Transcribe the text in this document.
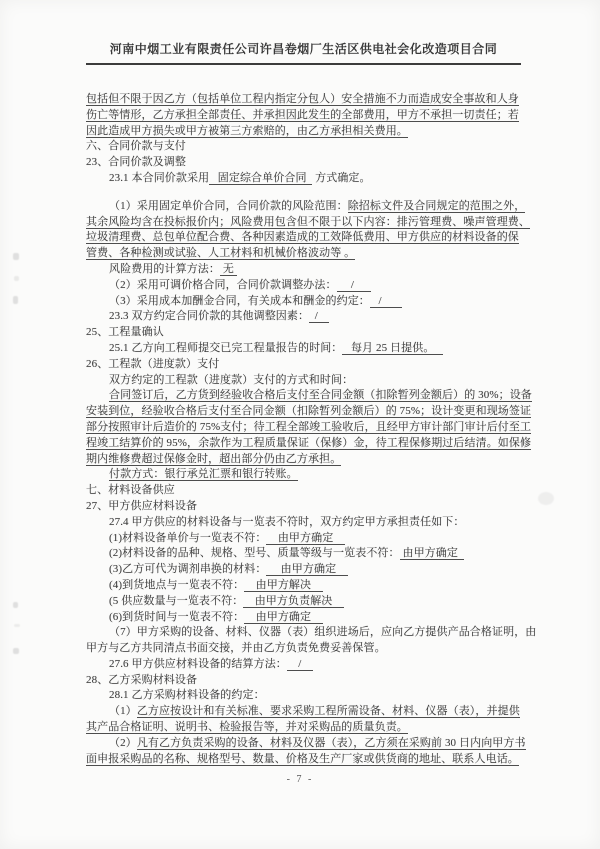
河南中烟工业有限责任公司许昌卷烟厂生活区供电社会化改造项目合同
包括但不限于因乙方（包括单位工程内指定分包人）安全措施不力而造成安全事故和人身
伤亡等情形，乙方承担全部责任、并承担因此发生的全部费用，甲方不承担一切责任；若
因此造成甲方损失或甲方被第三方索赔的，由乙方承担相关费用。
六、合同价款与支付
23、合同价款及调整
23.1 本合同价款采用   固定综合单价合同   方式确定。
（1）采用固定单价合同，合同价款的风险范围：除招标文件及合同规定的范围之外，
其余风险均含在投标报价内；风险费用包含但不限于以下内容：排污管理费、噪声管理费、
垃圾清理费、总包单位配合费、各种因素造成的工效降低费用、甲方供应的材料设备的保
管费、各种检测或试验、人工材料和机械价格波动等 。
风险费用的计算方法： 无
（2）采用可调价格合同，合同价款调整办法：     /
（3）采用成本加酬金合同，有关成本和酬金的约定：   /
23.3 双方约定合同价款的其他调整因素：  /
25、工程量确认
25.1 乙方向工程师提交已完工程量报告的时间：   每月 25 日提供。
26、工程款（进度款）支付
双方约定的工程款（进度款）支付的方式和时间：
合同签订后，乙方货到经验收合格后支付至合同金额（扣除暂列金额后）的 30%；设备
安装到位，经验收合格后支付至合同金额（扣除暂列金额后）的 75%；设计变更和现场签证
部分按照审计后造价的 75%支付；待工程全部竣工验收后，且经甲方审计部门审计后付至工
程竣工结算价的 95%，余款作为工程质量保证（保修）金，待工程保修期过后结清。如保修
期内维修费超过保修金时，超出部分仍由乙方承担。
付款方式：银行承兑汇票和银行转账。
七、材料设备供应
27、甲方供应材料设备
27.4 甲方供应的材料设备与一览表不符时，双方约定甲方承担责任如下：
(1)材料设备单价与一览表不符：    由甲方确定
(2)材料设备的品种、规格、型号、质量等级与一览表不符： 由甲方确定
(3)乙方可代为调剂串换的材料：     由甲方确定
(4)到货地点与一览表不符：    由甲方解决
(5 供应数量与一览表不符：    由甲方负责解决
(6)到货时间与一览表不符：    由甲方确定
（7）甲方采购的设备、材料、仪器（表）组织进场后，应向乙方提供产品合格证明，由
甲方与乙方共同清点书面交接，并由乙方负责免费妥善保管。
27.6 甲方供应材料设备的结算方法：    /
28、乙方采购材料设备
28.1 乙方采购材料设备的约定：
（1）乙方应按设计和有关标准、要求采购工程所需设备、材料、仪器（表），并提供
其产品合格证明、说明书、检验报告等，并对采购品的质量负责。
（2）凡有乙方负责采购的设备、材料及仪器（表），乙方须在采购前 30 日内向甲方书
面申报采购品的名称、规格型号、数量、价格及生产厂家或供货商的地址、联系人电话。
- 7 -
